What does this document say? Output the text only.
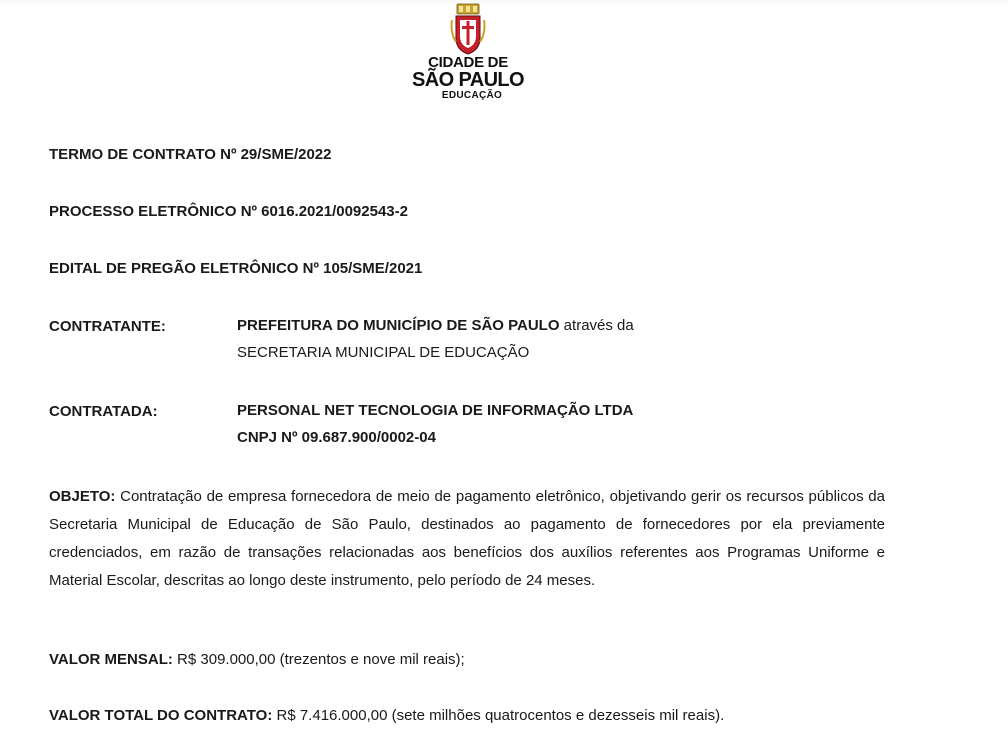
CIDADE DE
SÃO PAULO
EDUCAÇÃO
TERMO DE CONTRATO Nº 29/SME/2022
PROCESSO ELETRÔNICO Nº 6016.2021/0092543-2
EDITAL DE PREGÃO ELETRÔNICO Nº 105/SME/2021
CONTRATANTE:	PREFEITURA DO MUNICÍPIO DE SÃO PAULO através da
SECRETARIA MUNICIPAL DE EDUCAÇÃO
CONTRATADA:	PERSONAL NET TECNOLOGIA DE INFORMAÇÃO LTDA
CNPJ Nº 09.687.900/0002-04
OBJETO: Contratação de empresa fornecedora de meio de pagamento eletrônico, objetivando gerir os recursos públicos da Secretaria Municipal de Educação de São Paulo, destinados ao pagamento de fornecedores por ela previamente credenciados, em razão de transações relacionadas aos benefícios dos auxílios referentes aos Programas Uniforme e Material Escolar, descritas ao longo deste instrumento, pelo período de 24 meses.
VALOR MENSAL: R$ 309.000,00 (trezentos e nove mil reais);
VALOR TOTAL DO CONTRATO: R$ 7.416.000,00 (sete milhões quatrocentos e dezesseis mil reais).
